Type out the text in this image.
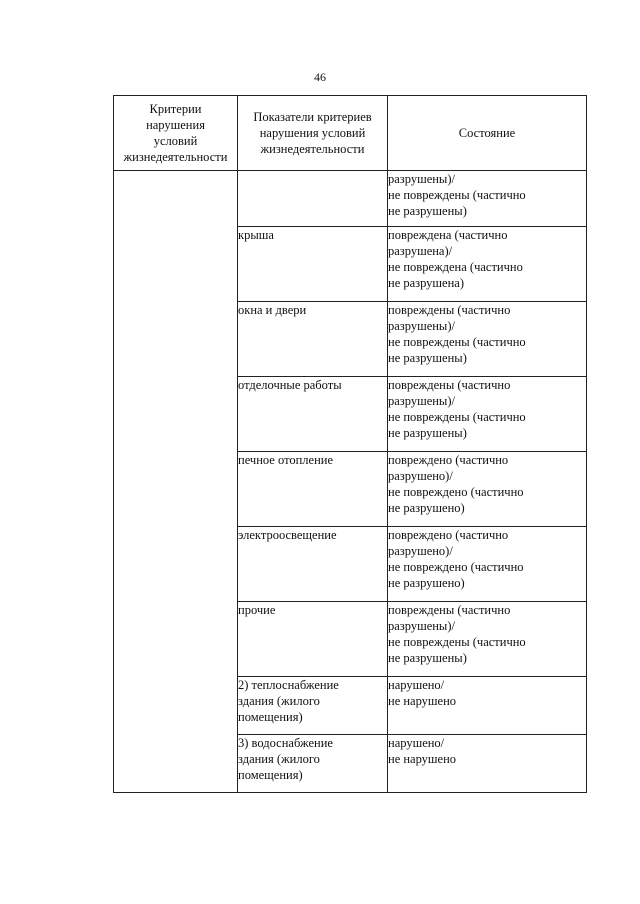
46
Критерии
нарушения
условий
жизнедеятельности	Показатели критериев
нарушения условий
жизнедеятельности	Состояние

		разрушены)/
не повреждены (частично
не разрушены)

	крыша	повреждена (частично
разрушена)/
не повреждена (частично
не разрушена)

	окна и двери	повреждены (частично
разрушены)/
не повреждены (частично
не разрушены)

	отделочные работы	повреждены (частично
разрушены)/
не повреждены (частично
не разрушены)

	печное отопление	повреждено (частично
разрушено)/
не повреждено (частично
не разрушено)

	электроосвещение	повреждено (частично
разрушено)/
не повреждено (частично
не разрушено)

	прочие	повреждены (частично
разрушены)/
не повреждены (частично
не разрушены)

	2) теплоснабжение
здания (жилого
помещения)	нарушено/
не нарушено

	3) водоснабжение
здания (жилого
помещения)	нарушено/
не нарушено
